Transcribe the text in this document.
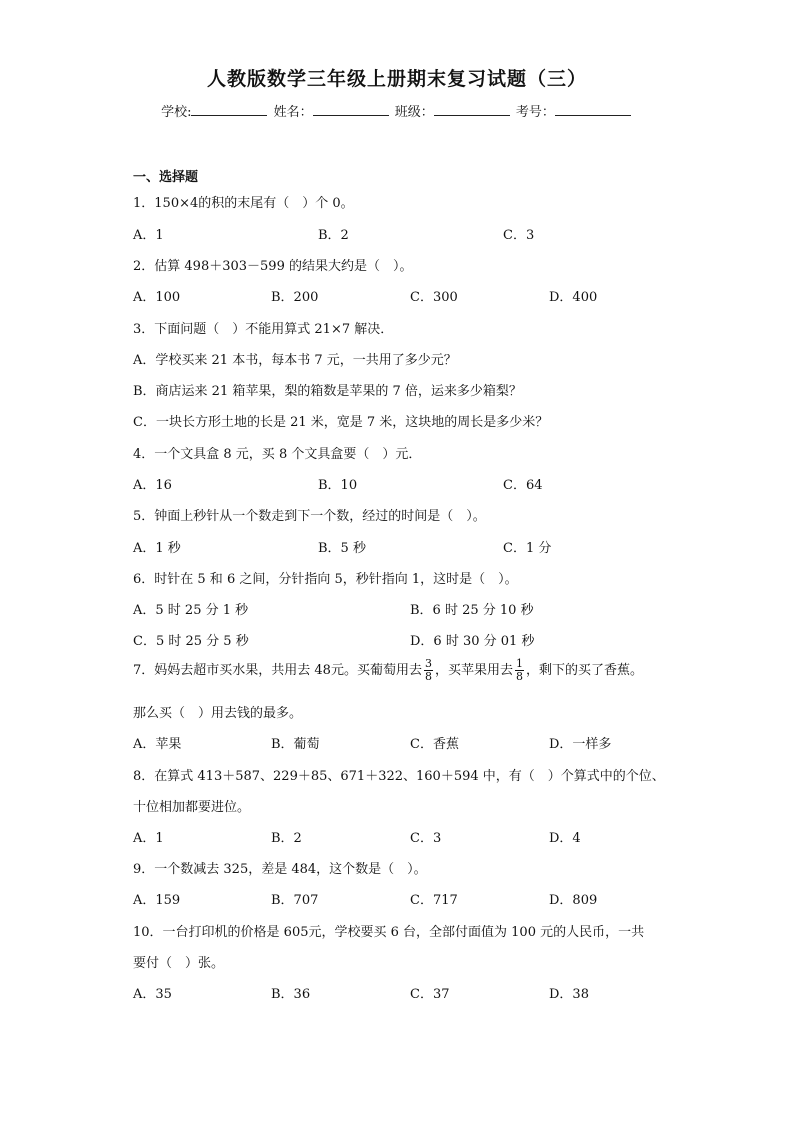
人教版数学三年级上册期末复习试题（三）
学校:	姓名：	班级：	考号：
一、选择题
1．150×4的积的末尾有（　）个 0。
A．1	B．2	C．3
2．估算 498＋303－599 的结果大约是（　）。
A．100	B．200	C．300	D．400
3．下面问题（　）不能用算式 21×7 解决．
A．学校买来 21 本书，每本书 7 元，一共用了多少元？
B．商店运来 21 箱苹果，梨的箱数是苹果的 7 倍，运来多少箱梨？
C．一块长方形土地的长是 21 米，宽是 7 米，这块地的周长是多少米？
4．一个文具盒 8 元，买 8 个文具盒要（　）元．
A．16	B．10	C．64
5．钟面上秒针从一个数走到下一个数，经过的时间是（　）。
A．1 秒	B．5 秒	C．1 分
6．时针在 5 和 6 之间，分针指向 5，秒针指向 1，这时是（　）。
A．5 时 25 分 1 秒	B．6 时 25 分 10 秒
C．5 时 25 分 5 秒	D．6 时 30 分 01 秒
7．妈妈去超市买水果，共用去 48元。买葡萄用去 $\frac{3}{8}$ ，买苹果用去 $\frac{1}{8}$ ，剩下的买了香蕉。
那么买（　）用去钱的最多。
A．苹果	B．葡萄	C．香蕉	D．一样多
8．在算式 413＋587、229＋85、671＋322、160＋594 中，有（　）个算式中的个位、
十位相加都要进位。
A．1	B．2	C．3	D．4
9．一个数减去 325，差是 484，这个数是（　）。
A．159	B．707	C．717	D．809
10．一台打印机的价格是 605元，学校要买 6 台，全部付面值为 100 元的人民币，一共
要付（　）张。
A．35	B．36	C．37	D．38
